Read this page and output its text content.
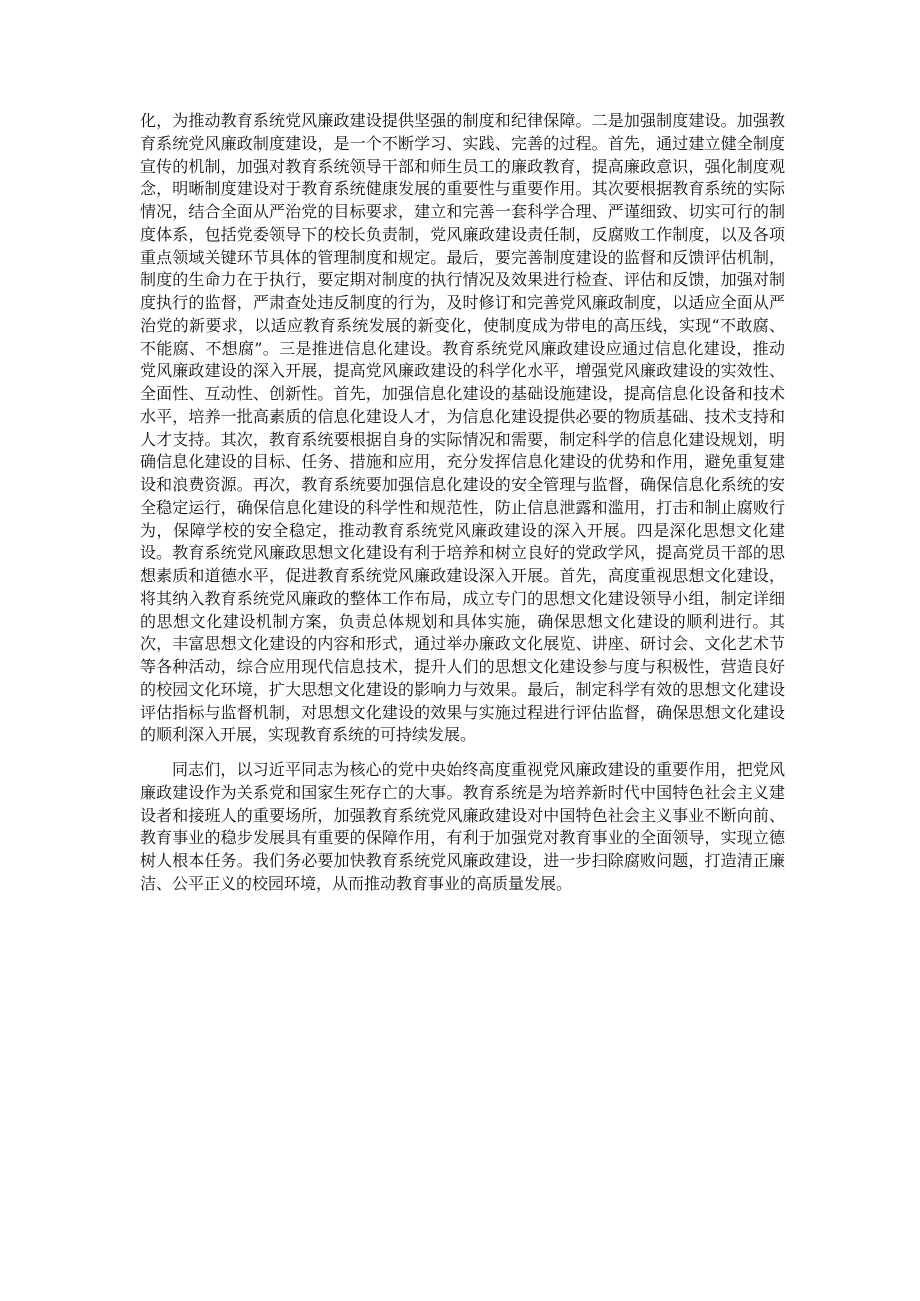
化，为推动教育系统党风廉政建设提供坚强的制度和纪律保障。二是加强制度建设。加强教育系统党风廉政制度建设，是一个不断学习、实践、完善的过程。首先，通过建立健全制度宣传的机制，加强对教育系统领导干部和师生员工的廉政教育，提高廉政意识，强化制度观念，明晰制度建设对于教育系统健康发展的重要性与重要作用。其次要根据教育系统的实际情况，结合全面从严治党的目标要求，建立和完善一套科学合理、严谨细致、切实可行的制度体系，包括党委领导下的校长负责制，党风廉政建设责任制，反腐败工作制度，以及各项重点领域关键环节具体的管理制度和规定。最后，要完善制度建设的监督和反馈评估机制，制度的生命力在于执行，要定期对制度的执行情况及效果进行检查、评估和反馈，加强对制度执行的监督，严肃查处违反制度的行为，及时修订和完善党风廉政制度，以适应全面从严治党的新要求，以适应教育系统发展的新变化，使制度成为带电的高压线，实现“不敢腐、不能腐、不想腐”。三是推进信息化建设。教育系统党风廉政建设应通过信息化建设，推动党风廉政建设的深入开展，提高党风廉政建设的科学化水平，增强党风廉政建设的实效性、全面性、互动性、创新性。首先，加强信息化建设的基础设施建设，提高信息化设备和技术水平，培养一批高素质的信息化建设人才，为信息化建设提供必要的物质基础、技术支持和人才支持。其次，教育系统要根据自身的实际情况和需要，制定科学的信息化建设规划，明确信息化建设的目标、任务、措施和应用，充分发挥信息化建设的优势和作用，避免重复建设和浪费资源。再次，教育系统要加强信息化建设的安全管理与监督，确保信息化系统的安全稳定运行，确保信息化建设的科学性和规范性，防止信息泄露和滥用，打击和制止腐败行为，保障学校的安全稳定，推动教育系统党风廉政建设的深入开展。四是深化思想文化建设。教育系统党风廉政思想文化建设有利于培养和树立良好的党政学风，提高党员干部的思想素质和道德水平，促进教育系统党风廉政建设深入开展。首先，高度重视思想文化建设，将其纳入教育系统党风廉政的整体工作布局，成立专门的思想文化建设领导小组，制定详细的思想文化建设机制方案，负责总体规划和具体实施，确保思想文化建设的顺利进行。其次，丰富思想文化建设的内容和形式，通过举办廉政文化展览、讲座、研讨会、文化艺术节等各种活动，综合应用现代信息技术，提升人们的思想文化建设参与度与积极性，营造良好的校园文化环境，扩大思想文化建设的影响力与效果。最后，制定科学有效的思想文化建设评估指标与监督机制，对思想文化建设的效果与实施过程进行评估监督，确保思想文化建设的顺利深入开展，实现教育系统的可持续发展。

同志们，以习近平同志为核心的党中央始终高度重视党风廉政建设的重要作用，把党风廉政建设作为关系党和国家生死存亡的大事。教育系统是为培养新时代中国特色社会主义建设者和接班人的重要场所，加强教育系统党风廉政建设对中国特色社会主义事业不断向前、教育事业的稳步发展具有重要的保障作用，有利于加强党对教育事业的全面领导，实现立德树人根本任务。我们务必要加快教育系统党风廉政建设，进一步扫除腐败问题，打造清正廉洁、公平正义的校园环境，从而推动教育事业的高质量发展。
